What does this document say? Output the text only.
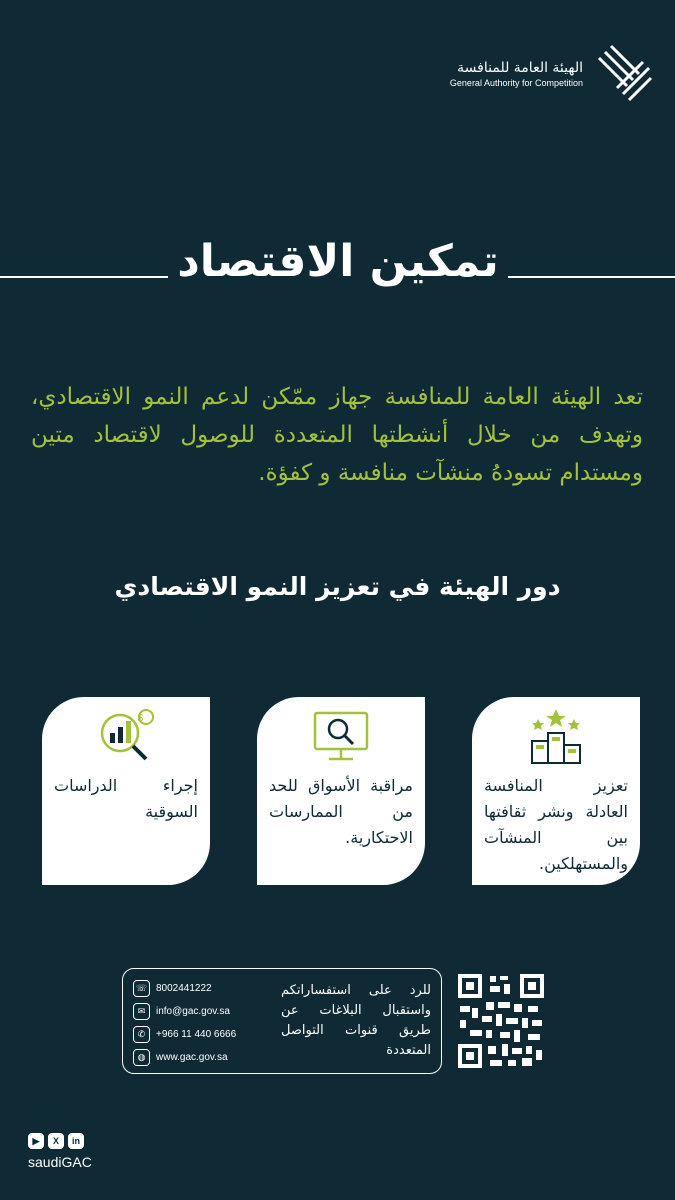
الهيئة العامة للمنافسة
General Authority for Competition
تمكين الاقتصاد
تعد الهيئة العامة للمنافسة جهاز ممّكن لدعم النمو الاقتصادي، وتهدف من خلال أنشطتها المتعددة للوصول لاقتصاد متين ومستدام تسودهُ منشآت منافسة و كفؤة.
دور الهيئة في تعزيز النمو الاقتصادي
تعزيز المنافسة العادلة ونشر ثقافتها بين المنشآت والمستهلكين.
مراقبة الأسواق للحد من الممارسات الاحتكارية.
$
إجراء الدراسات السوقية
☏ 8002441222
✉	info@gac.gov.sa
✆	+966 11 440 6666
◍	www.gac.gov.sa
للرد على استفساراتكم واستقبال البلاغات عن طريق قنوات التواصل المتعددة
▶	X	in
saudiGAC
